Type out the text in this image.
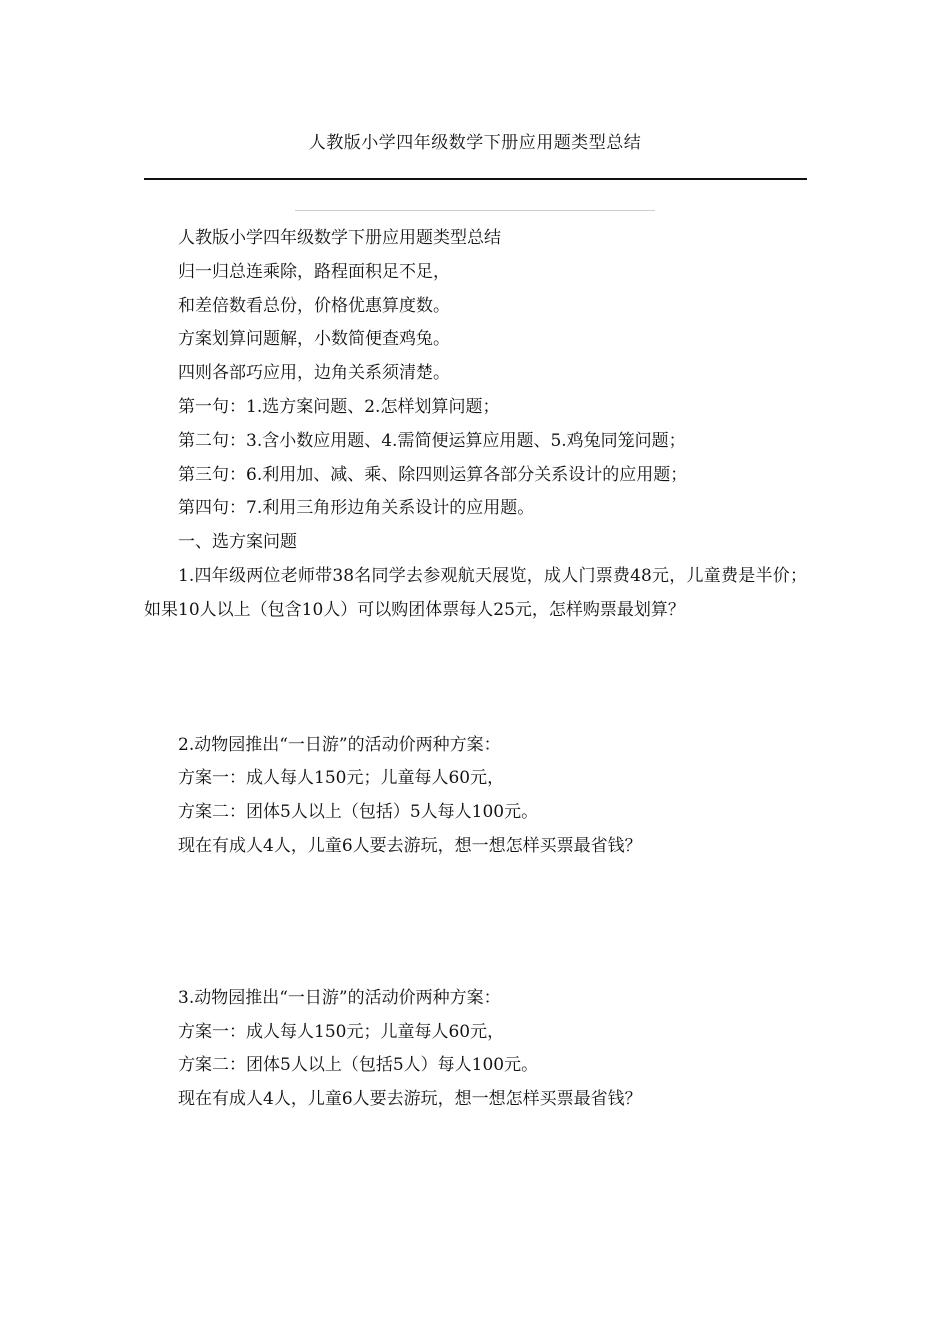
人教版小学四年级数学下册应用题类型总结
人教版小学四年级数学下册应用题类型总结
归一归总连乘除，路程面积足不足，
和差倍数看总份，价格优惠算度数。
方案划算问题解，小数简便查鸡兔。
四则各部巧应用，边角关系须清楚。
第一句：1.选方案问题、2.怎样划算问题；
第二句：3.含小数应用题、4.需简便运算应用题、5.鸡兔同笼问题；
第三句：6.利用加、减、乘、除四则运算各部分关系设计的应用题；
第四句：7.利用三角形边角关系设计的应用题。
一、选方案问题
1.四年级两位老师带38名同学去参观航天展览，成人门票费48元，儿童费是半价；如果10人以上（包含10人）可以购团体票每人25元，怎样购票最划算？
2.动物园推出“一日游”的活动价两种方案：
方案一：成人每人150元；儿童每人60元，
方案二：团体5人以上（包括）5人每人100元。
现在有成人4人，儿童6人要去游玩，想一想怎样买票最省钱？
3.动物园推出“一日游”的活动价两种方案：
方案一：成人每人150元；儿童每人60元，
方案二：团体5人以上（包括5人）每人100元。
现在有成人4人，儿童6人要去游玩，想一想怎样买票最省钱？
